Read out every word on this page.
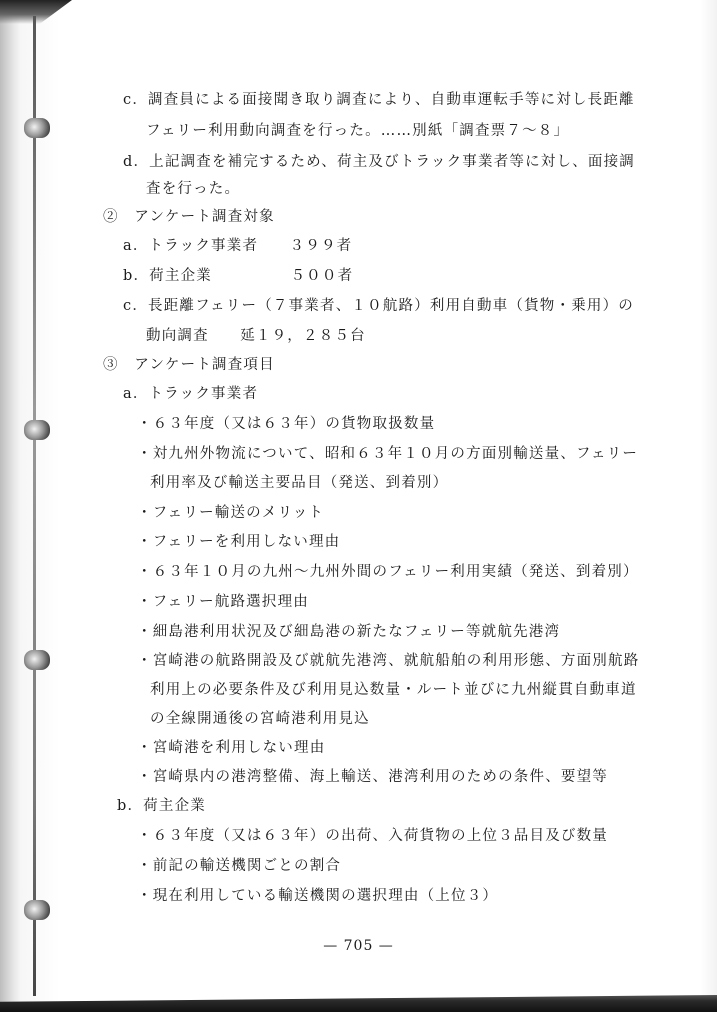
c．調査員による面接聞き取り調査により、自動車運転手等に対し長距離
フェリー利用動向調査を行った。……別紙「調査票７〜８」
d．上記調査を補完するため、荷主及びトラック事業者等に対し、面接調
査を行った。
②　アンケート調査対象
a．トラック事業者　　３９９者
b．荷主企業　　　　　５００者
c．長距離フェリー（７事業者、１０航路）利用自動車（貨物・乗用）の
動向調査　　延１９，２８５台
③　アンケート調査項目
a．トラック事業者
・６３年度（又は６３年）の貨物取扱数量
・対九州外物流について、昭和６３年１０月の方面別輸送量、フェリー
利用率及び輸送主要品目（発送、到着別）
・フェリー輸送のメリット
・フェリーを利用しない理由
・６３年１０月の九州〜九州外間のフェリー利用実績（発送、到着別）
・フェリー航路選択理由
・細島港利用状況及び細島港の新たなフェリー等就航先港湾
・宮崎港の航路開設及び就航先港湾、就航船舶の利用形態、方面別航路
利用上の必要条件及び利用見込数量・ルート並びに九州縦貫自動車道
の全線開通後の宮崎港利用見込
・宮崎港を利用しない理由
・宮崎県内の港湾整備、海上輸送、港湾利用のための条件、要望等
b．荷主企業
・６３年度（又は６３年）の出荷、入荷貨物の上位３品目及び数量
・前記の輸送機関ごとの割合
・現在利用している輸送機関の選択理由（上位３）
— 705 —
